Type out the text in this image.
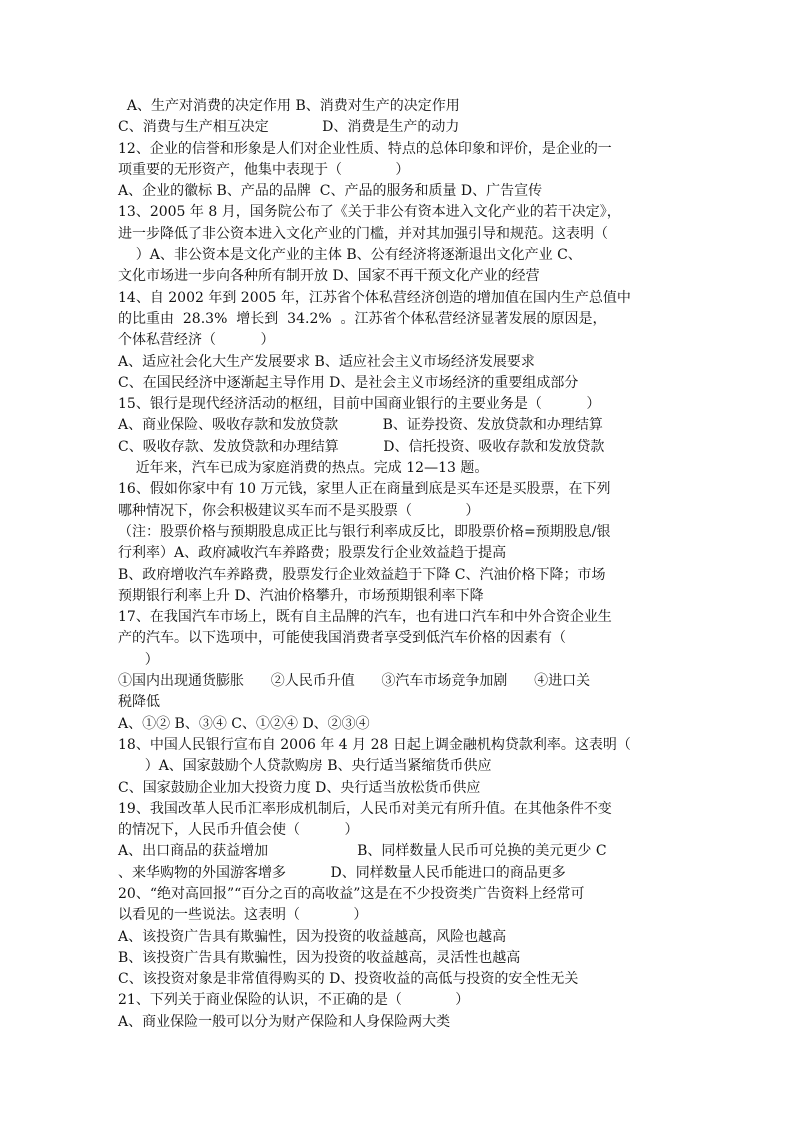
A、生产对消费的决定作用 B、消费对生产的决定作用
C、消费与生产相互决定            D、消费是生产的动力
12、企业的信誉和形象是人们对企业性质、特点的总体印象和评价，是企业的一
项重要的无形资产，他集中表现于（            ）
A、企业的徽标 B、产品的品牌  C、产品的服务和质量 D、广告宣传
13、2005 年 8 月，国务院公布了《关于非公有资本进入文化产业的若干决定》，
进一步降低了非公资本进入文化产业的门槛，并对其加强引导和规范。这表明（
）A、非公资本是文化产业的主体 B、公有经济将逐渐退出文化产业 C、
文化市场进一步向各种所有制开放 D、国家不再干预文化产业的经营
14、自 2002 年到 2005 年，江苏省个体私营经济创造的增加值在国内生产总值中
的比重由  28.3%  增长到  34.2%  。江苏省个体私营经济显著发展的原因是，
个体私营经济（          ）
A、适应社会化大生产发展要求 B、适应社会主义市场经济发展要求
C、在国民经济中逐渐起主导作用 D、是社会主义市场经济的重要组成部分
15、银行是现代经济活动的枢纽，目前中国商业银行的主要业务是（          ）
A、商业保险、吸收存款和发放贷款          B、证券投资、发放贷款和办理结算
C、吸收存款、发放贷款和办理结算          D、信托投资、吸收存款和发放贷款
近年来，汽车已成为家庭消费的热点。完成 12—13 题。
16、假如你家中有 10 万元钱，家里人正在商量到底是买车还是买股票，在下列
哪种情况下，你会积极建议买车而不是买股票（            ）
（注：股票价格与预期股息成正比与银行利率成反比，即股票价格=预期股息/银
行利率）A、政府减收汽车养路费；股票发行企业效益趋于提高
B、政府增收汽车养路费，股票发行企业效益趋于下降 C、汽油价格下降；市场
预期银行利率上升 D、汽油价格攀升，市场预期银利率下降
17、在我国汽车市场上，既有自主品牌的汽车，也有进口汽车和中外合资企业生
产的汽车。以下选项中，可能使我国消费者享受到低汽车价格的因素有（
）
①国内出现通货膨胀      ②人民币升值      ③汽车市场竞争加剧      ④进口关
税降低
A、①② B、③④ C、①②④ D、②③④
18、中国人民银行宣布自 2006 年 4 月 28 日起上调金融机构贷款利率。这表明（
）A、国家鼓励个人贷款购房 B、央行适当紧缩货币供应
C、国家鼓励企业加大投资力度 D、央行适当放松货币供应
19、我国改革人民币汇率形成机制后，人民币对美元有所升值。在其他条件不变
的情况下，人民币升值会使（          ）
A、出口商品的获益增加                    B、同样数量人民币可兑换的美元更少 C
、来华购物的外国游客增多          D、同样数量人民币能进口的商品更多
20、“绝对高回报”“百分之百的高收益”这是在不少投资类广告资料上经常可
以看见的一些说法。这表明（            ）
A、该投资广告具有欺骗性，因为投资的收益越高，风险也越高
B、该投资广告具有欺骗性，因为投资的收益越高，灵活性也越高
C、该投资对象是非常值得购买的 D、投资收益的高低与投资的安全性无关
21、下列关于商业保险的认识，不正确的是（            ）
A、商业保险一般可以分为财产保险和人身保险两大类
